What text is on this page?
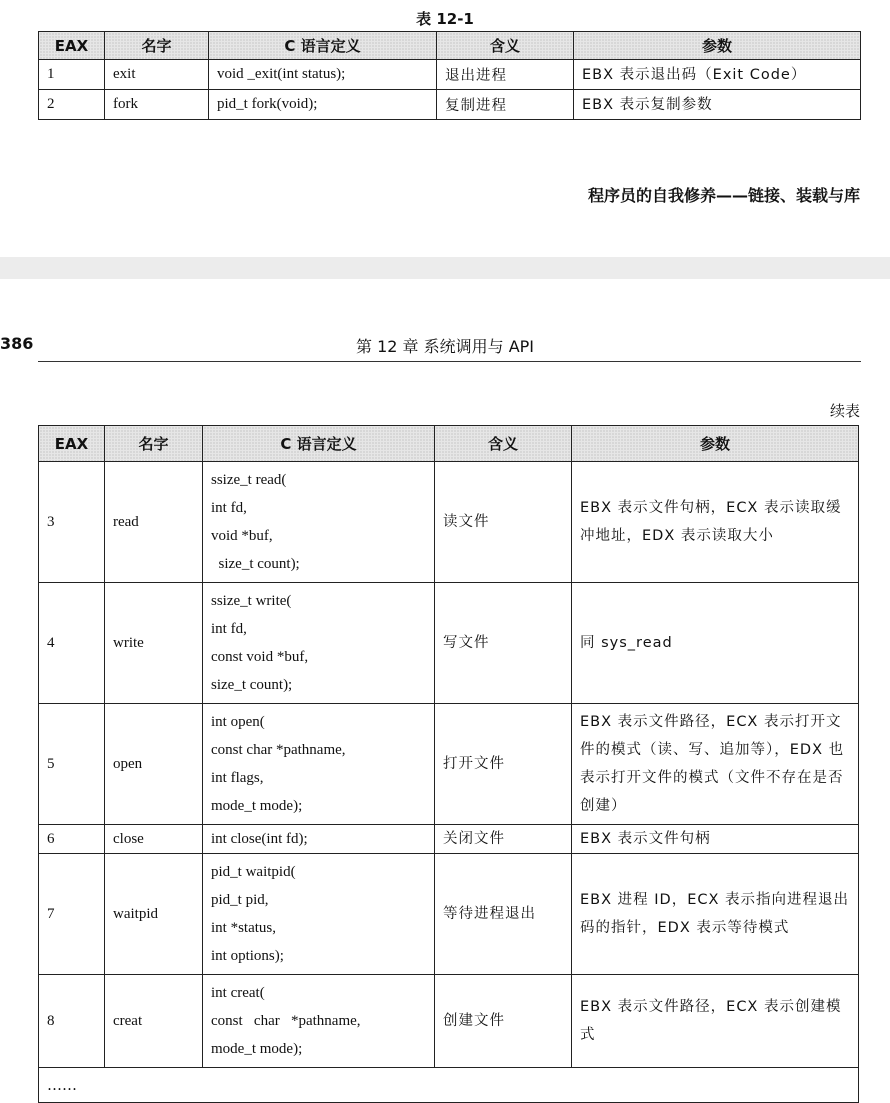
表 12-1
EAX	名字	C 语言定义	含义	参数
1	exit	void _exit(int status);	退出进程	EBX 表示退出码（Exit Code）
2	fork	pid_t fork(void);	复制进程	EBX 表示复制参数
程序员的自我修养——链接、装载与库
386	第 12 章 系统调用与 API
续表
EAX	名字	C 语言定义	含义	参数
3	read	ssize_t read(
int fd,
void *buf,
size_t count);	读文件	EBX 表示文件句柄，ECX 表示读取缓冲地址，EDX 表示读取大小
4	write	ssize_t write(
int fd,
const void *buf,
size_t count);	写文件	同 sys_read
5	open	int open(
const char *pathname,
int flags,
mode_t mode);	打开文件	EBX 表示文件路径，ECX 表示打开文件的模式（读、写、追加等），EDX 也表示打开文件的模式（文件不存在是否创建）
6	close	int close(int fd);	关闭文件	EBX 表示文件句柄
7	waitpid	pid_t waitpid(
pid_t pid,
int *status,
int options);	等待进程退出	EBX 进程 ID，ECX 表示指向进程退出码的指针，EDX 表示等待模式
8	creat	int creat(
const   char   *pathname,
mode_t mode);	创建文件	EBX 表示文件路径，ECX 表示创建模式
……				
